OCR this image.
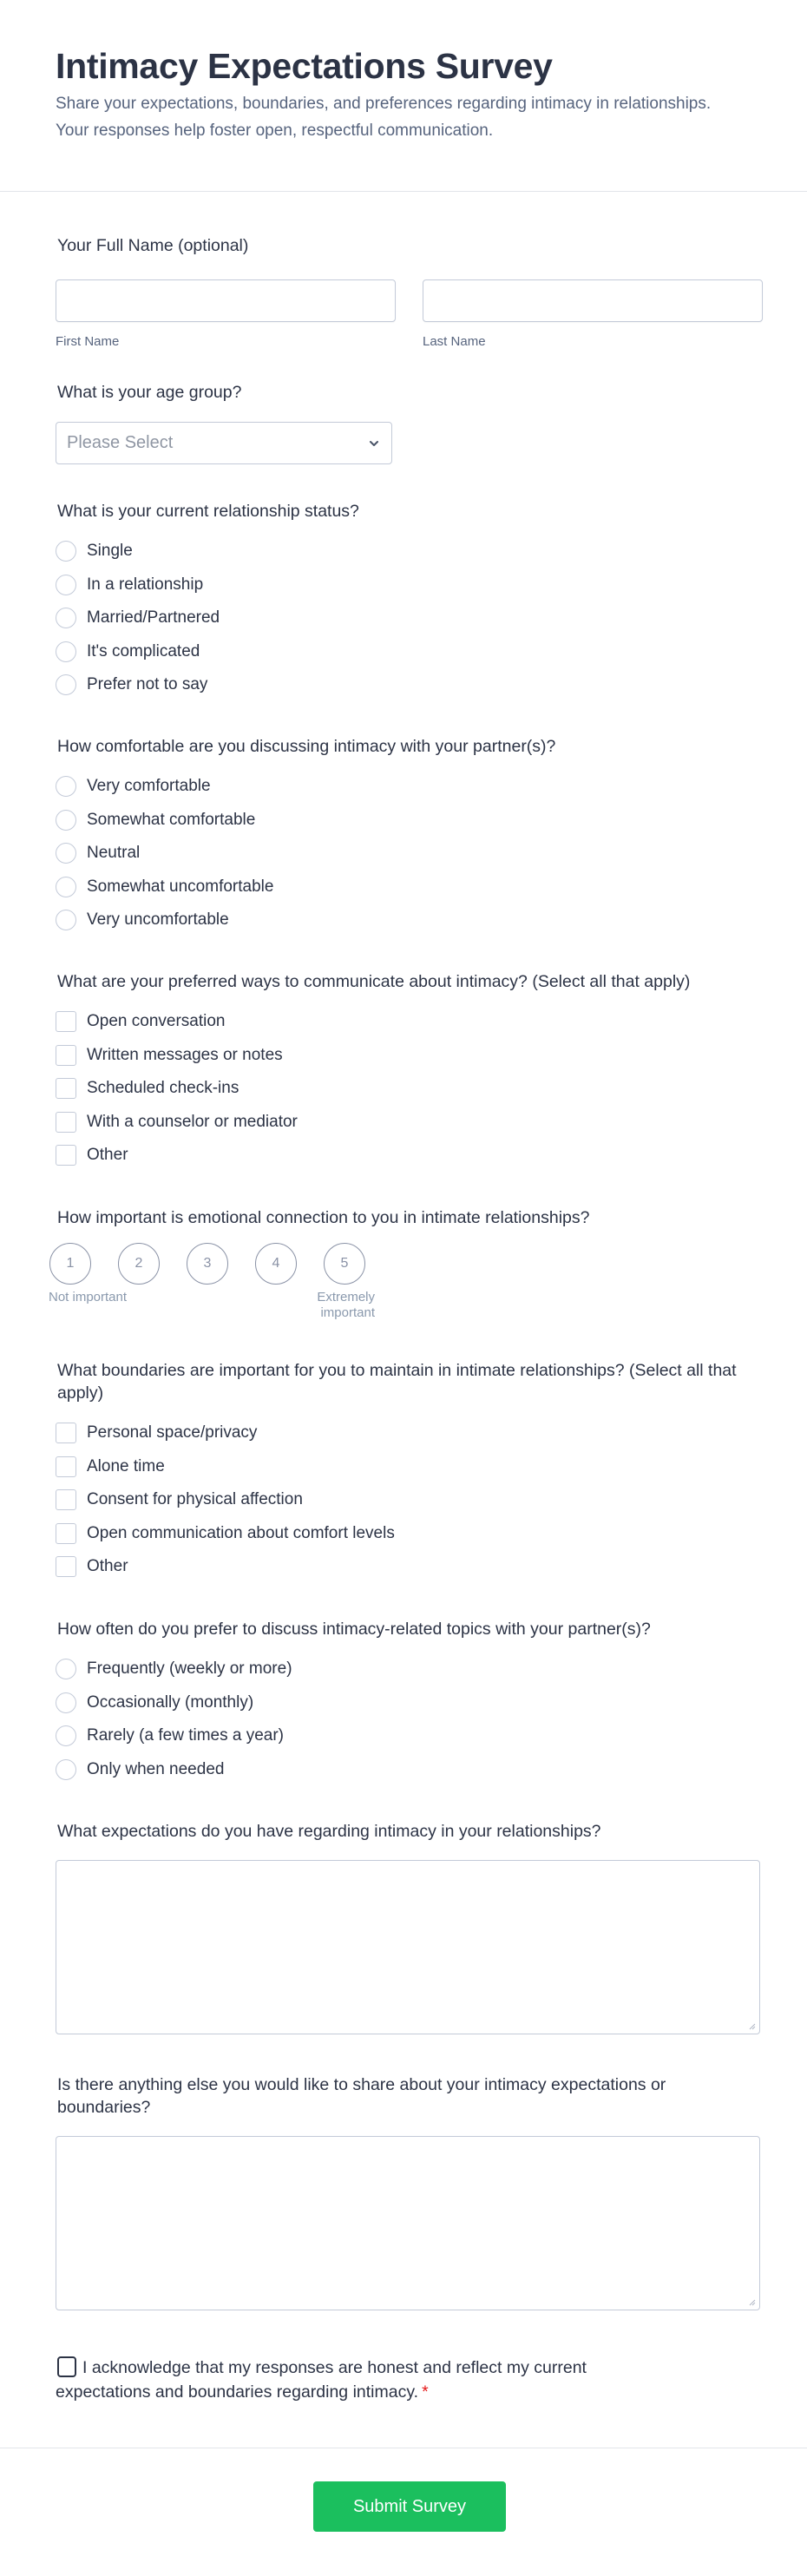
Intimacy Expectations Survey

Share your expectations, boundaries, and preferences regarding intimacy in relationships. Your responses help foster open, respectful communication.

Your Full Name (optional)
First Name	Last Name
What is your age group?
Please Select
What is your current relationship status?
Single
In a relationship
Married/Partnered
It's complicated
Prefer not to say
How comfortable are you discussing intimacy with your partner(s)?
Very comfortable
Somewhat comfortable
Neutral
Somewhat uncomfortable
Very uncomfortable
What are your preferred ways to communicate about intimacy? (Select all that apply)
Open conversation
Written messages or notes
Scheduled check-ins
With a counselor or mediator
Other
How important is emotional connection to you in intimate relationships?
1	2	3	4	5
Not important	Extremely important
What boundaries are important for you to maintain in intimate relationships? (Select all that apply)
Personal space/privacy
Alone time
Consent for physical affection
Open communication about comfort levels
Other
How often do you prefer to discuss intimacy-related topics with your partner(s)?
Frequently (weekly or more)
Occasionally (monthly)
Rarely (a few times a year)
Only when needed
What expectations do you have regarding intimacy in your relationships?
Is there anything else you would like to share about your intimacy expectations or boundaries?
I acknowledge that my responses are honest and reflect my current expectations and boundaries regarding intimacy. *
Submit Survey
